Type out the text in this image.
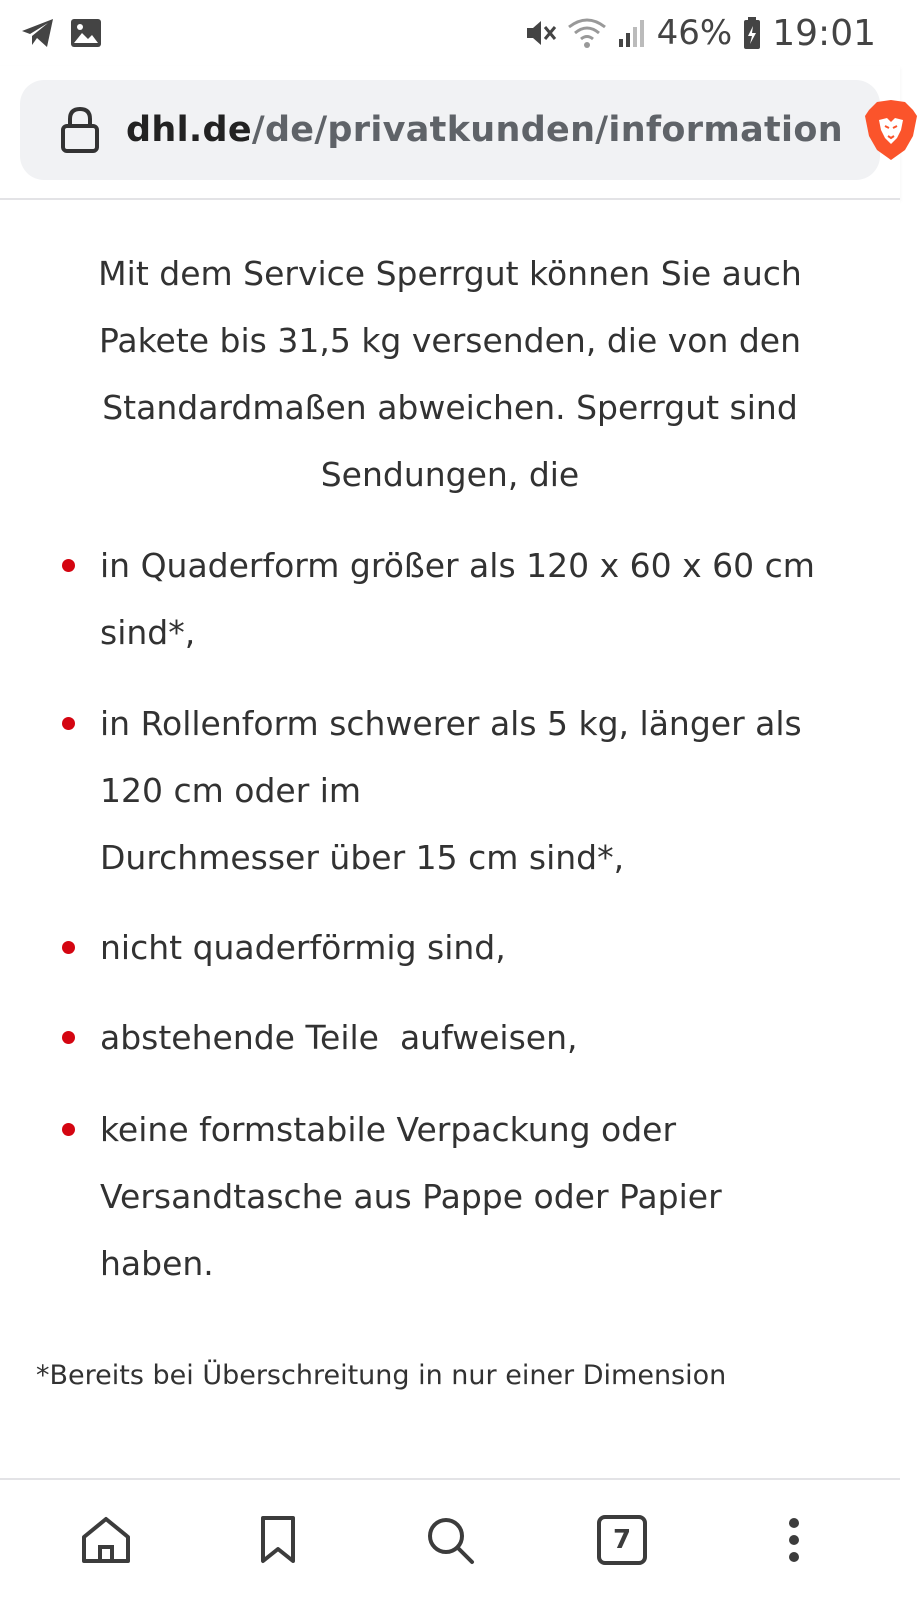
46% 19:01
dhl.de/de/privatkunden/information

Mit dem Service Sperrgut können Sie auch Pakete bis 31,5 kg versenden, die von den Standardmaßen abweichen. Sperrgut sind Sendungen, die

in Quaderform größer als 120 x 60 x 60 cm sind*,
in Rollenform schwerer als 5 kg, länger als 120 cm oder im
Durchmesser über 15 cm sind*,
nicht quaderförmig sind,
abstehende Teile  aufweisen,
keine formstabile Verpackung oder Versandtasche aus Pappe oder Papier haben.

*Bereits bei Überschreitung in nur einer Dimension

7
